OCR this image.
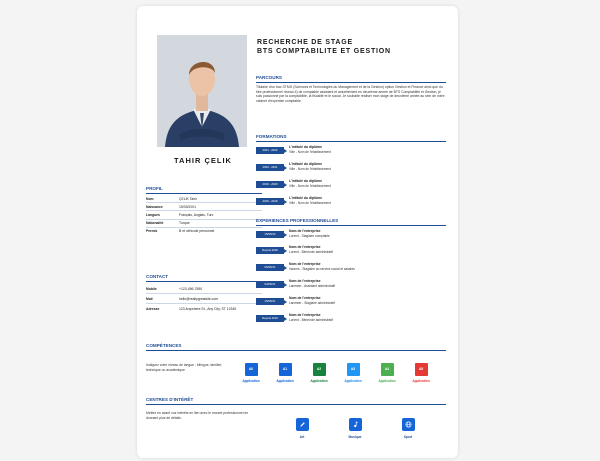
TAHIR ÇELIK
RECHERCHE DE STAGE
BTS COMPTABILITE ET GESTION
PARCOURS
Titulaire d'un bac STMG (Sciences et Technologies du Management et de la Gestion) option Gestion et Finance ainsi que du titre professionnel niveau 4) de comptable assistant et actuellement en deuxième année de BTS Comptabilité et Gestion, je suis passionné par la comptabilité, la fiscalité et le social. Je souhaite réaliser mon stage de deuxième année au sein de votre cabinet d'expertise comptable.
PROFIL
Nom	ÇELIK Tahir
Naissance	15/03/2001
Langues	Français, Anglais, Turc
Nationalité	Turque
Permis	B et véhicule personnel
CONTACT
Mobile	+123-456-7890
Mail	hello@reallygreatsite.com
Adresse	123 Anywhere St., Any City, ST 12345
FORMATIONS
2021 - 2023
L'intitulé du diplôme
Ville - Nom de l'établissement
2020 - 2021
L'intitulé du diplôme
Ville - Nom de l'établissement
2019 - 2020
L'intitulé du diplôme
Ville - Nom de l'établissement
2016 - 2019
L'intitulé du diplôme
Ville - Nom de l'établissement
EXPERIENCES PROFESSIONNELLES
15/05/22
Nom de l'entreprise
Lorient - Stagiaire comptable
Depuis 2020
Nom de l'entreprise
Lorient - Bénévole administratif
06/06/21
Nom de l'entreprise
Vannes - Stagiaire au service social et salaires
03/06/21
Nom de l'entreprise
Lanester - Assistant administratif
15/06/21
Nom de l'entreprise
Lanester - Stagiaire administratif
Depuis 2016
Nom de l'entreprise
Lorient - Bénévole administratif
COMPÉTENCES
Indiquez votre niveau de langue ; bilingue, familier, technique ou académique	A0
Application
A1
Application
A2
Application
A3
Application
A4
Application
A5
Application
CENTRES D'INTÉRÊT
Mettez en avant vos intérêts en lien avec le monde professionnel en donnant plus de détails.
Art	Musique	Sport
